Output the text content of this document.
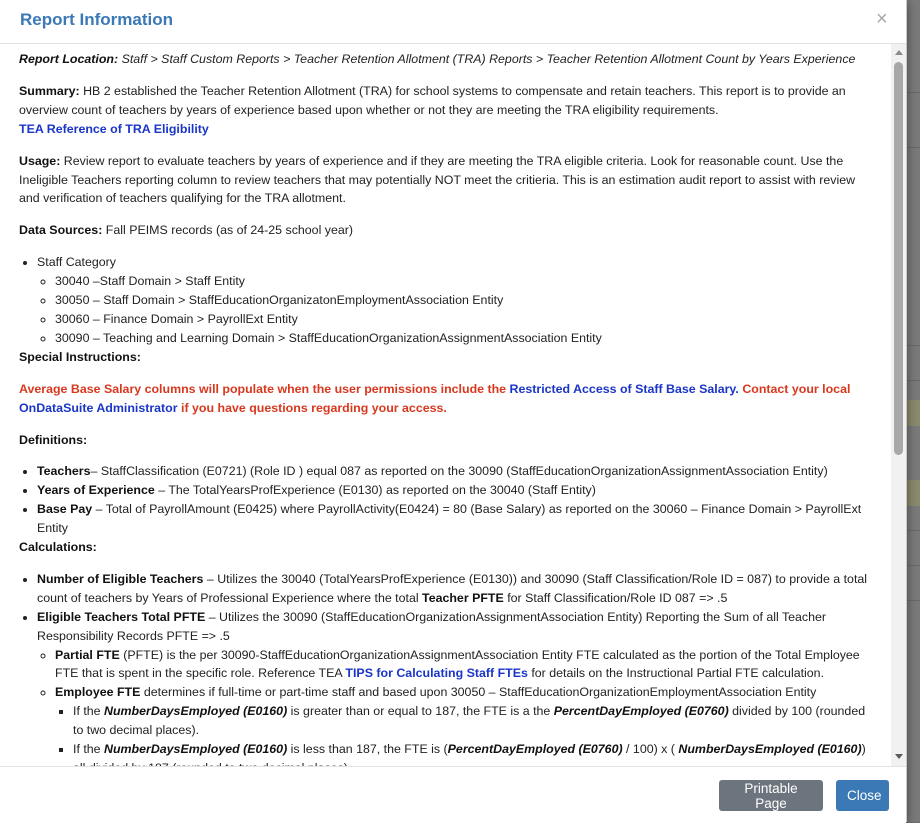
Report Information	×

Report Location: Staff > Staff Custom Reports > Teacher Retention Allotment (TRA) Reports > Teacher Retention Allotment Count by Years Experience

Summary: HB 2 established the Teacher Retention Allotment (TRA) for school systems to compensate and retain teachers. This report is to provide an overview count of teachers by years of experience based upon whether or not they are meeting the TRA eligibility requirements.
TEA Reference of TRA Eligibility

Usage: Review report to evaluate teachers by years of experience and if they are meeting the TRA eligible criteria. Look for reasonable count. Use the Ineligible Teachers reporting column to review teachers that may potentially NOT meet the critieria. This is an estimation audit report to assist with review and verification of teachers qualifying for the TRA allotment.

Data Sources: Fall PEIMS records (as of 24-25 school year)

• Staff Category
◦ 30040 –Staff Domain > Staff Entity
◦ 30050 – Staff Domain > StaffEducationOrganizatonEmploymentAssociation Entity
◦ 30060 – Finance Domain > PayrollExt Entity
◦ 30090 – Teaching and Learning Domain > StaffEducationOrganizationAssignmentAssociation Entity

Special Instructions:

Average Base Salary columns will populate when the user permissions include the Restricted Access of Staff Base Salary. Contact your local
OnDataSuite Administrator if you have questions regarding your access.

Definitions:

• Teachers– StaffClassification (E0721) (Role ID ) equal 087 as reported on the 30090 (StaffEducationOrganizationAssignmentAssociation Entity)
• Years of Experience – The TotalYearsProfExperience (E0130) as reported on the 30040 (Staff Entity)
• Base Pay – Total of PayrollAmount (E0425) where PayrollActivity(E0424) = 80 (Base Salary) as reported on the 30060 – Finance Domain > PayrollExt Entity

Calculations:

• Number of Eligible Teachers – Utilizes the 30040 (TotalYearsProfExperience (E0130)) and 30090 (Staff Classification/Role ID = 087) to provide a total count of teachers by Years of Professional Experience where the total Teacher PFTE for Staff Classification/Role ID 087 => .5
• Eligible Teachers Total PFTE – Utilizes the 30090 (StaffEducationOrganizationAssignmentAssociation Entity) Reporting the Sum of all Teacher Responsibility Records PFTE => .5
◦ Partial FTE (PFTE) is the per 30090-StaffEducationOrganizationAssignmentAssociation Entity FTE calculated as the portion of the Total Employee FTE that is spent in the specific role. Reference TEA TIPS for Calculating Staff FTEs for details on the Instructional Partial FTE calculation.
◦ Employee FTE determines if full-time or part-time staff and based upon 30050 – StaffEducationOrganizationEmploymentAssociation Entity
▪ If the NumberDaysEmployed (E0160) is greater than or equal to 187, the FTE is a the PercentDayEmployed (E0760) divided by 100 (rounded to two decimal places).
▪ If the NumberDaysEmployed (E0160) is less than 187, the FTE is (PercentDayEmployed (E0760) / 100) x ( NumberDaysEmployed (E0160))
Printable Page	Close
